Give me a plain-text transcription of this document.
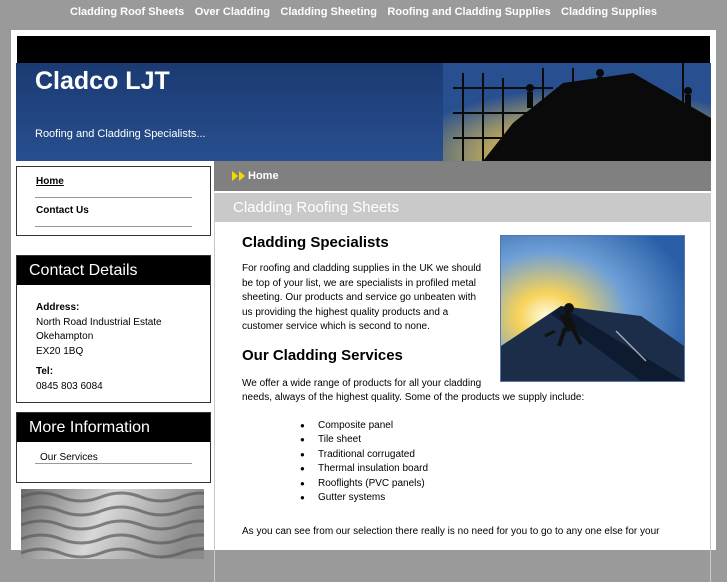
Cladding Roof Sheets Over Cladding Cladding Sheeting Roofing and Cladding Supplies Cladding Supplies
Cladco LJT
Roofing and Cladding Specialists...
Home
Contact Us
Contact Details
Address:
North Road Industrial Estate
Okehampton
EX20 1BQ
Tel:
0845 803 6084
More Information
Our Services
Home
Cladding Roofing Sheets
Cladding Specialists

For roofing and cladding supplies in the UK we should

be top of your list, we are specialists in profiled metal

sheeting. Our products and service go unbeaten with

us providing the highest quality products and a

customer service which is second to none.

Our Cladding Services

We offer a wide range of products for all your cladding

needs, always of the highest quality. Some of the products we supply include:

● Composite panel
● Tile sheet
● Traditional corrugated
● Thermal insulation board
● Rooflights (PVC panels)
● Gutter systems

As you can see from our selection there really is no need for you to go to any one else for your
